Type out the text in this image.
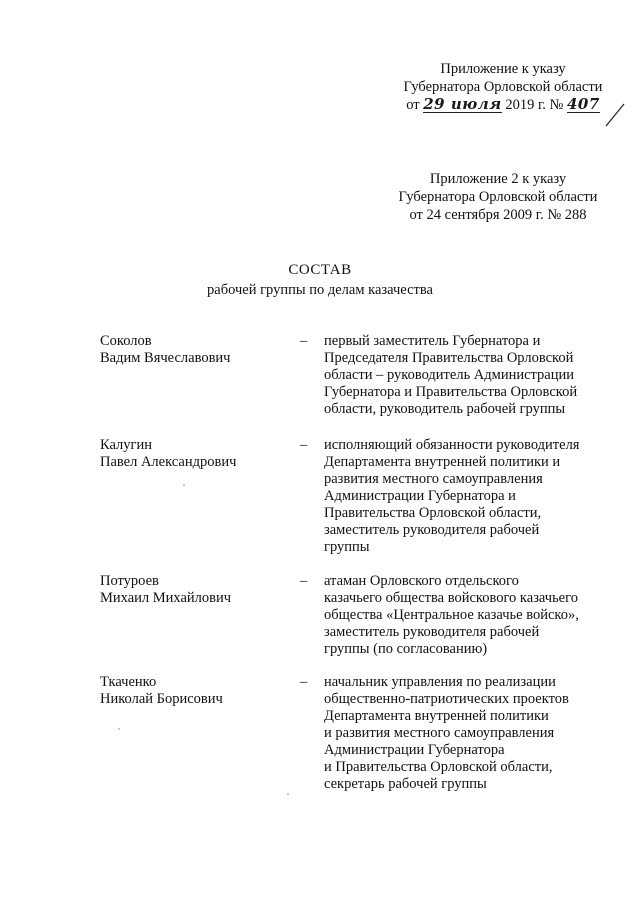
Приложение к указу
Губернатора Орловской области
от 29 июля 2019 г. № 407
Приложение 2 к указу
Губернатора Орловской области
от 24 сентября 2009 г. № 288
СОСТАВ
рабочей группы по делам казачества
Соколов
Вадим Вячеславович
– первый заместитель Губернатора и
Председателя Правительства Орловской
области – руководитель Администрации
Губернатора и Правительства Орловской
области, руководитель рабочей группы
Калугин
Павел Александрович
– исполняющий обязанности руководителя
Департамента внутренней политики и
развития местного самоуправления
Администрации Губернатора и
Правительства Орловской области,
заместитель руководителя рабочей
группы
Потуроев
Михаил Михайлович
– атаман Орловского отдельского
казачьего общества войскового казачьего
общества «Центральное казачье войско»,
заместитель руководителя рабочей
группы (по согласованию)
Ткаченко
Николай Борисович
– начальник управления по реализации
общественно-патриотических проектов
Департамента внутренней политики
и развития местного самоуправления
Администрации Губернатора
и Правительства Орловской области,
секретарь рабочей группы
